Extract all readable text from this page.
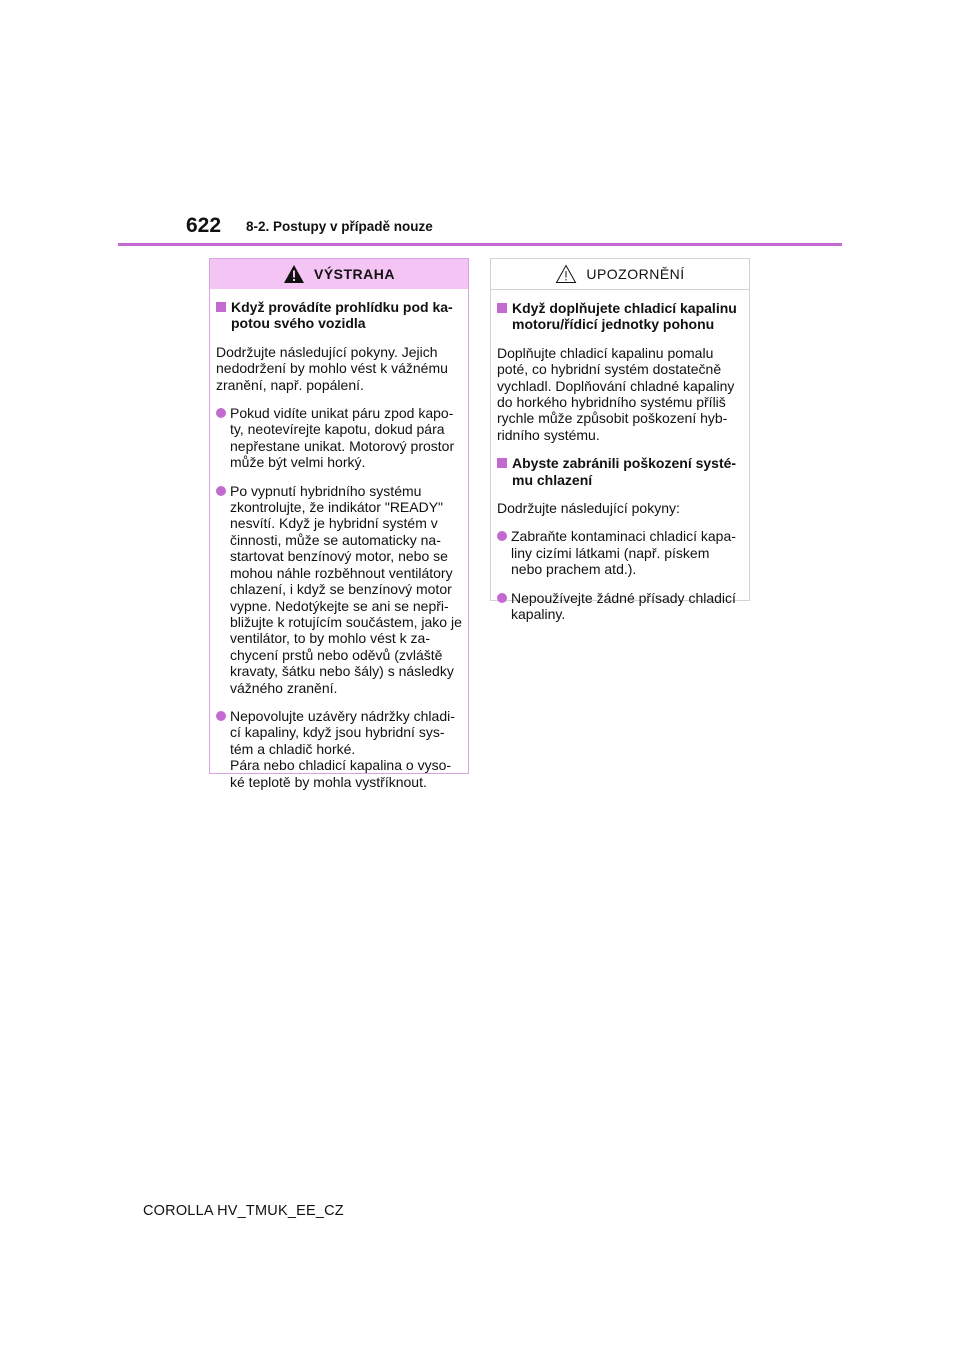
622 8-2. Postupy v případě nouze
VÝSTRAHA
Když provádíte prohlídku pod ka-potou svého vozidla
Dodržujte následující pokyny. Jejich nedodržení by mohlo vést k vážnému zranění, např. popálení.
Pokud vidíte unikat páru zpod kapo-ty, neotevírejte kapotu, dokud pára nepřestane unikat. Motorový prostor může být velmi horký.
Po vypnutí hybridního systému zkontrolujte, že indikátor "READY" nesvítí. Když je hybridní systém v činnosti, může se automaticky na-startovat benzínový motor, nebo se mohou náhle rozběhnout ventilátory chlazení, i když se benzínový motor vypne. Nedotýkejte se ani se nepři-bližujte k rotujícím součástem, jako je ventilátor, to by mohlo vést k za-chycení prstů nebo oděvů (zvláště kravaty, šátku nebo šály) s následky vážného zranění.
Nepovolujte uzávěry nádržky chladi-cí kapaliny, když jsou hybridní sys-tém a chladič horké.
Pára nebo chladicí kapalina o vyso-ké teplotě by mohla vystříknout.
UPOZORNĚNÍ
Když doplňujete chladicí kapalinu motoru/řídicí jednotky pohonu
Doplňujte chladicí kapalinu pomalu poté, co hybridní systém dostatečně vychladl. Doplňování chladné kapaliny do horkého hybridního systému příliš rychle může způsobit poškození hyb-ridního systému.
Abyste zabránili poškození systé-mu chlazení
Dodržujte následující pokyny:
Zabraňte kontaminaci chladicí kapa-liny cizími látkami (např. pískem nebo prachem atd.).
Nepoužívejte žádné přísady chladicí kapaliny.
COROLLA HV_TMUK_EE_CZ
